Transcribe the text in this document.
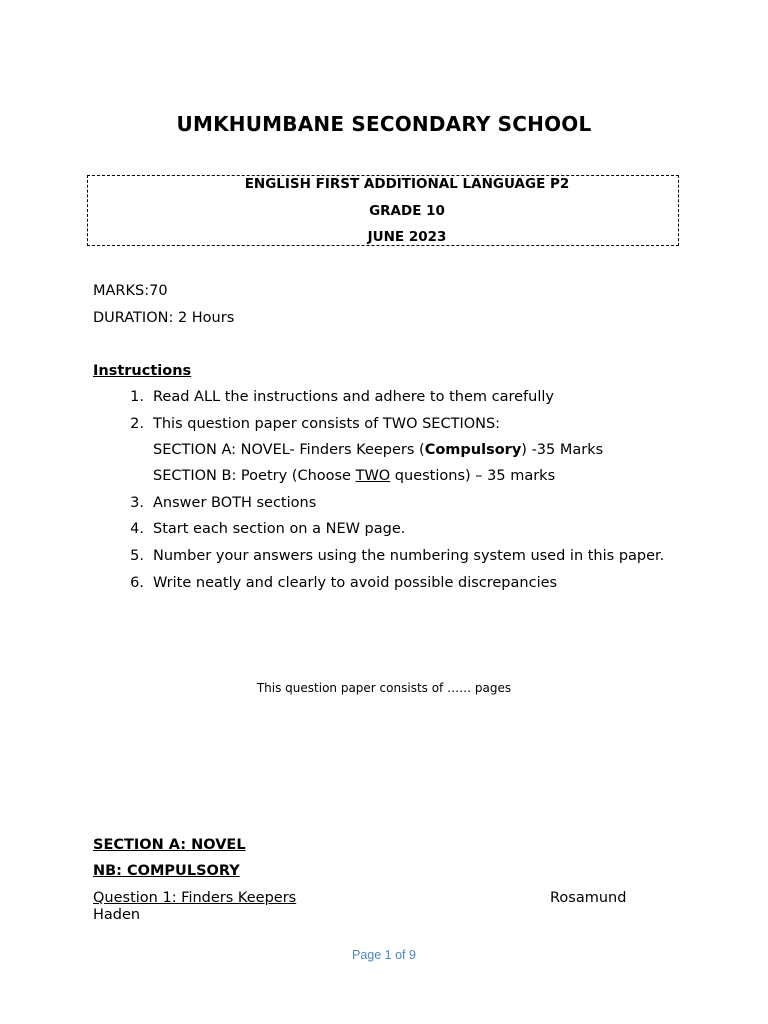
UMKHUMBANE SECONDARY SCHOOL
ENGLISH FIRST ADDITIONAL LANGUAGE P2
GRADE 10
JUNE 2023
MARKS:70
DURATION: 2 Hours
Instructions
1. Read ALL the instructions and adhere to them carefully
2. This question paper consists of TWO SECTIONS:
SECTION A: NOVEL- Finders Keepers (Compulsory) -35 Marks
SECTION B: Poetry (Choose TWO questions) – 35 marks
3. Answer BOTH sections
4. Start each section on a NEW page.
5. Number your answers using the numbering system used in this paper.
6. Write neatly and clearly to avoid possible discrepancies
This question paper consists of …… pages
SECTION A: NOVEL
NB: COMPULSORY
Question 1: Finders Keepers	Rosamund
Haden
Page 1 of 9
